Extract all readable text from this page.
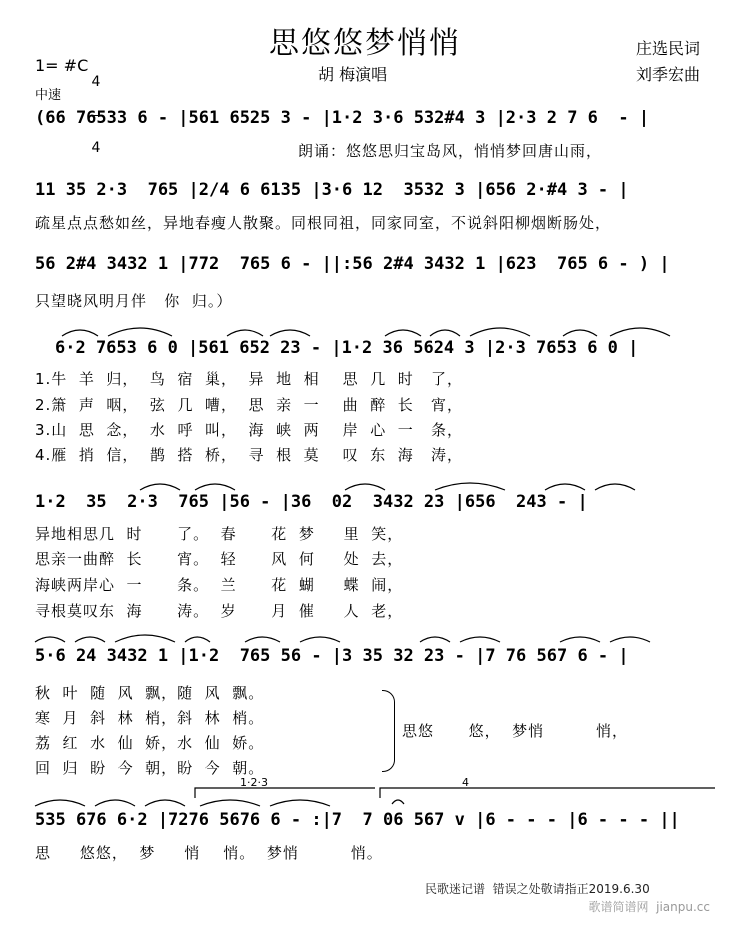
思悠悠梦悄悄	庄选民词
刘季宏曲
胡 梅演唱
1= #C

4

4

中速
(66 76533 6 - |561 6525 3 - |1·2 3·6 532#4 3 |2·3 2 7 6  - |
朗诵：悠悠思归宝岛风，悄悄梦回唐山雨，
11 35 2·3  765 |2/4 6 6135 |3·6 12  3532 3 |656 2·#4 3 - |
疏星点点愁如丝，异地春瘦人散聚。同根同祖，同家同室，不说斜阳柳烟断肠处，
56 2#4 3432 1 |772  765 6 - ||:56 2#4 3432 1 |623  765 6 - ) |
只望晓风明月伴   你  归。）
6·2 7653 6 0 |561 652 23 - |1·2 36 5624 3 |2·3 7653 6 0 |
1.牛  羊  归，  鸟  宿  巢，  异  地  相    思  几  时   了，
2.箫  声  咽，  弦  几  嘈，  思  亲  一    曲  醉  长   宵，
3.山  思  念，  水  呼  叫，  海  峡  两    岸  心  一   条，
4.雁  捎  信，  鹊  搭  桥，  寻  根  莫    叹  东  海   涛，
1·2  35  2·3  765 |56 - |36  02  3432 23 |656  243 - |
异地相思几  时      了。  春      花  梦     里  笑，
思亲一曲醉  长      宵。  轻      风  何     处  去，
海峡两岸心  一      条。  兰      花  蝴     蝶  闹，
寻根莫叹东  海      涛。  岁      月  催     人  老，
5·6 24 3432 1 |1·2  765 56 - |3 35 32 23 - |7 76 567 6 - |
秋  叶  随  风  飘，随  风  飘。
寒  月  斜  林  梢，斜  林  梢。
荔  红  水  仙  娇，水  仙  娇。
回  归  盼  今  朝，盼  今  朝。
思悠      悠，  梦悄         悄，
1·2·3	4
535 676 6·2 |7276 5676 6 - :|7  7 06 567 v |6 - - - |6 - - - ||
思     悠悠，  梦     悄    悄。  梦悄         悄。
民歌迷记谱  错误之处敬请指正2019.6.30
歌谱简谱网  jianpu.cc
